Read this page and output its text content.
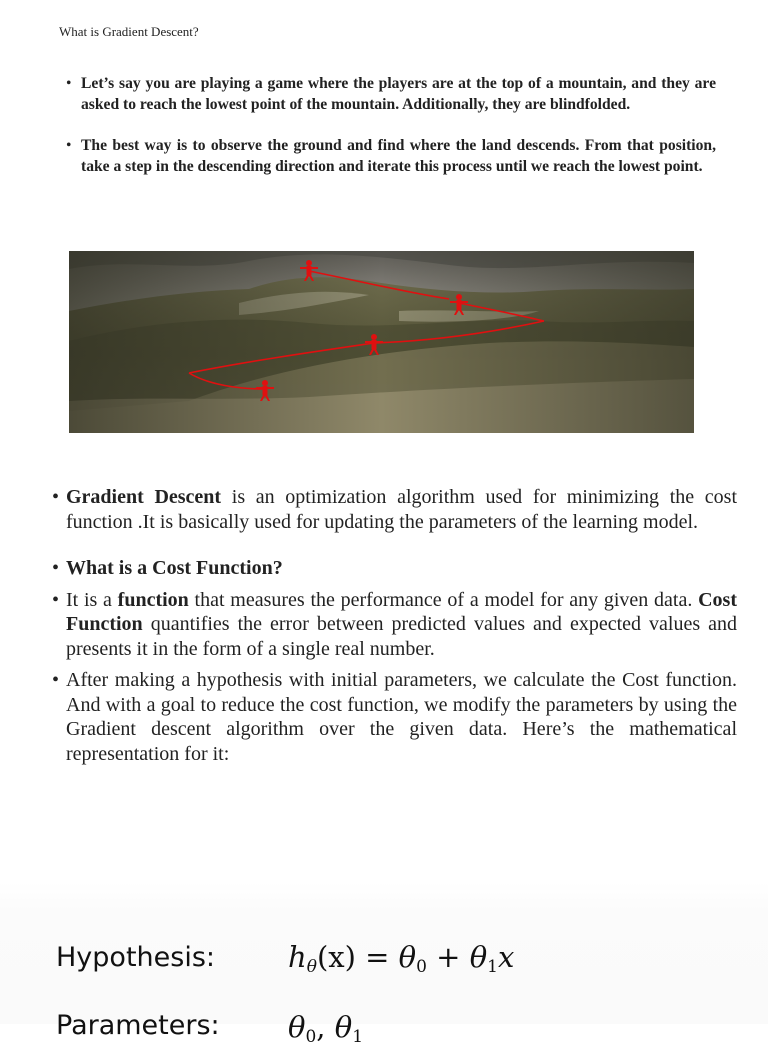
What is Gradient Descent?
• Let’s say you are playing a game where the players are at the top of a mountain, and they are asked to reach the lowest point of the mountain. Additionally, they are blindfolded.
• The best way is to observe the ground and find where the land descends. From that position, take a step in the descending direction and iterate this process until we reach the lowest point.
• Gradient Descent is an optimization algorithm used for minimizing the cost function .It is basically used for updating the parameters of the learning model.
• What is a Cost Function?
• It is a function that measures the performance of a model for any given data. Cost Function quantifies the error between predicted values and expected values and presents it in the form of a single real number.
• After making a hypothesis with initial parameters, we calculate the Cost function. And with a goal to reduce the cost function, we modify the parameters by using the Gradient descent algorithm over the given data. Here’s the mathematical representation for it:
Hypothesis:	$h_\theta(x) = \theta_0 + \theta_1x$
Parameters: $\theta_0$, $\theta_1$
